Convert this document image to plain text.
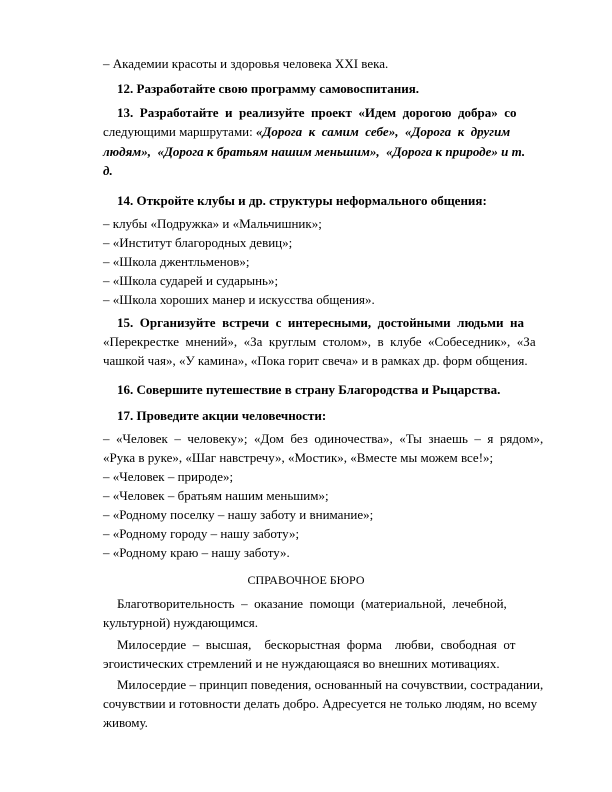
– Академии красоты и здоровья человека XXI века.
12. Разработайте свою программу самовоспитания.
13.  Разработайте  и  реализуйте  проект  «Идем  дорогою  добра»  со
следующими маршрутами: «Дорога  к  самим  себе»,  «Дорога  к  другим
людям»,  «Дорога к братьям нашим меньшим»,  «Дорога к природе» и т.
д.
14. Откройте клубы и др. структуры неформального общения:
– клубы «Подружка» и «Мальчишник»;
– «Институт благородных девиц»;
– «Школа джентльменов»;
– «Школа сударей и сударынь»;
– «Школа хороших манер и искусства общения».
15.  Организуйте  встречи  с  интересными,  достойными  людьми  на
«Перекрестке  мнений»,  «За  круглым  столом»,  в  клубе  «Собеседник»,  «За
чашкой чая», «У камина», «Пока горит свеча» и в рамках др. форм общения.
16. Совершите путешествие в страну Благородства и Рыцарства.
17. Проведите акции человечности:
–  «Человек  –  человеку»;  «Дом  без  одиночества»,  «Ты  знаешь  –  я  рядом»,
«Рука в руке», «Шаг навстречу», «Мостик», «Вместе мы можем все!»;
– «Человек – природе»;
– «Человек – братьям нашим меньшим»;
– «Родному поселку – нашу заботу и внимание»;
– «Родному городу – нашу заботу»;
– «Родному краю – нашу заботу».
СПРАВОЧНОЕ БЮРО
Благотворительность  –  оказание  помощи  (материальной,  лечебной,
культурной) нуждающимся.
Милосердие  –  высшая,    бескорыстная  форма    любви,  свободная  от
эгоистических стремлений и не нуждающаяся во внешних мотивациях.
Милосердие – принцип поведения, основанный на сочувствии, сострадании,
сочувствии и готовности делать добро. Адресуется не только людям, но всему
живому.
